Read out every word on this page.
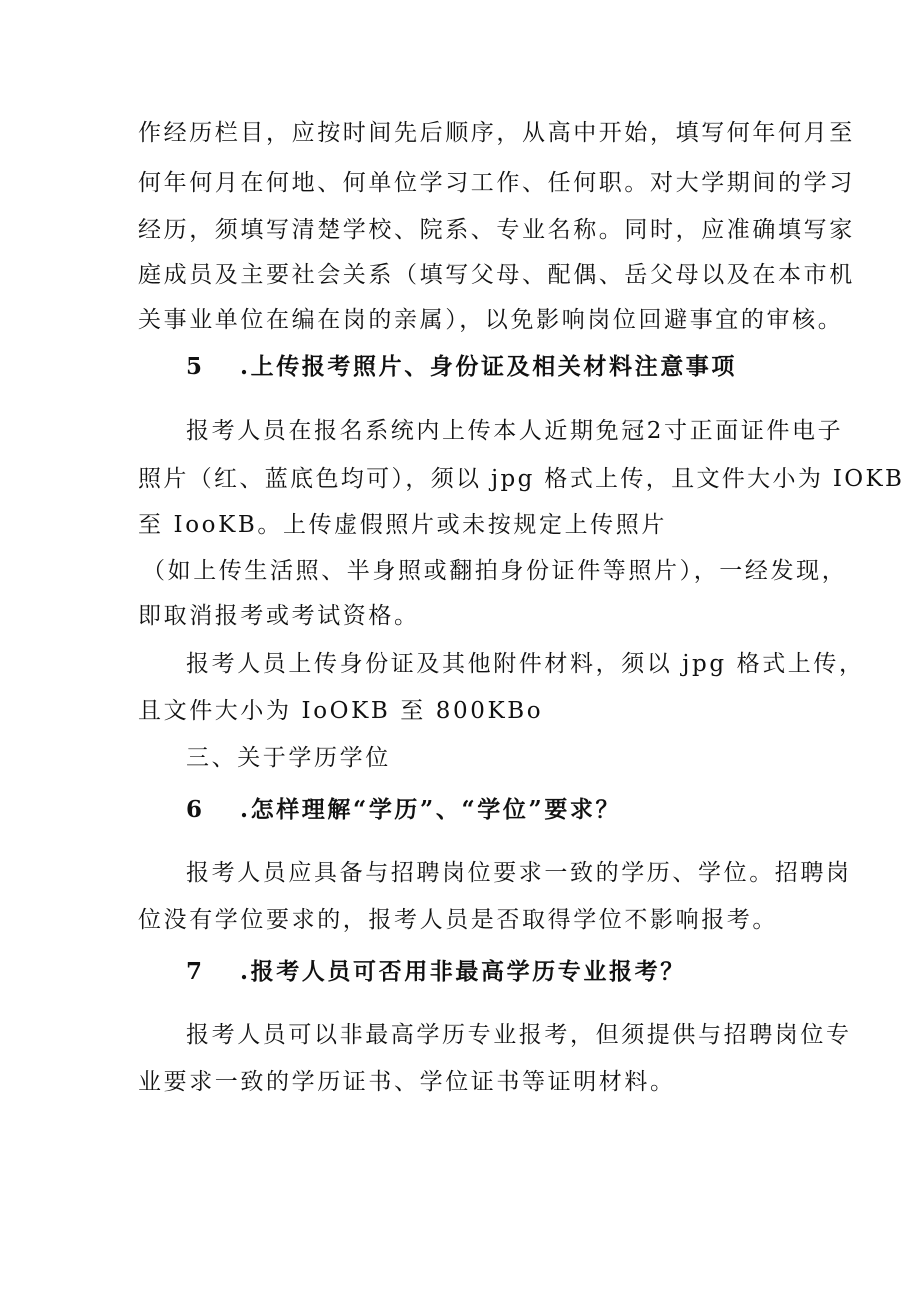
作经历栏目，应按时间先后顺序，从高中开始，填写何年何月至
何年何月在何地、何单位学习工作、任何职。对大学期间的学习
经历，须填写清楚学校、院系、专业名称。同时，应准确填写家
庭成员及主要社会关系（填写父母、配偶、岳父母以及在本市机
关事业单位在编在岗的亲属），以免影响岗位回避事宜的审核。
5 .上传报考照片、身份证及相关材料注意事项
报考人员在报名系统内上传本人近期免冠2寸正面证件电子
照片（红、蓝底色均可），须以 jpg 格式上传，且文件大小为 IOKB
至 IooKB。上传虚假照片或未按规定上传照片
（如上传生活照、半身照或翻拍身份证件等照片），一经发现，
即取消报考或考试资格。
报考人员上传身份证及其他附件材料，须以 jpg 格式上传，
且文件大小为 IoOKB 至 800KBo
三、关于学历学位
6 .怎样理解“学历”、“学位”要求？
报考人员应具备与招聘岗位要求一致的学历、学位。招聘岗
位没有学位要求的，报考人员是否取得学位不影响报考。
7 .报考人员可否用非最高学历专业报考？
报考人员可以非最高学历专业报考，但须提供与招聘岗位专
业要求一致的学历证书、学位证书等证明材料。
